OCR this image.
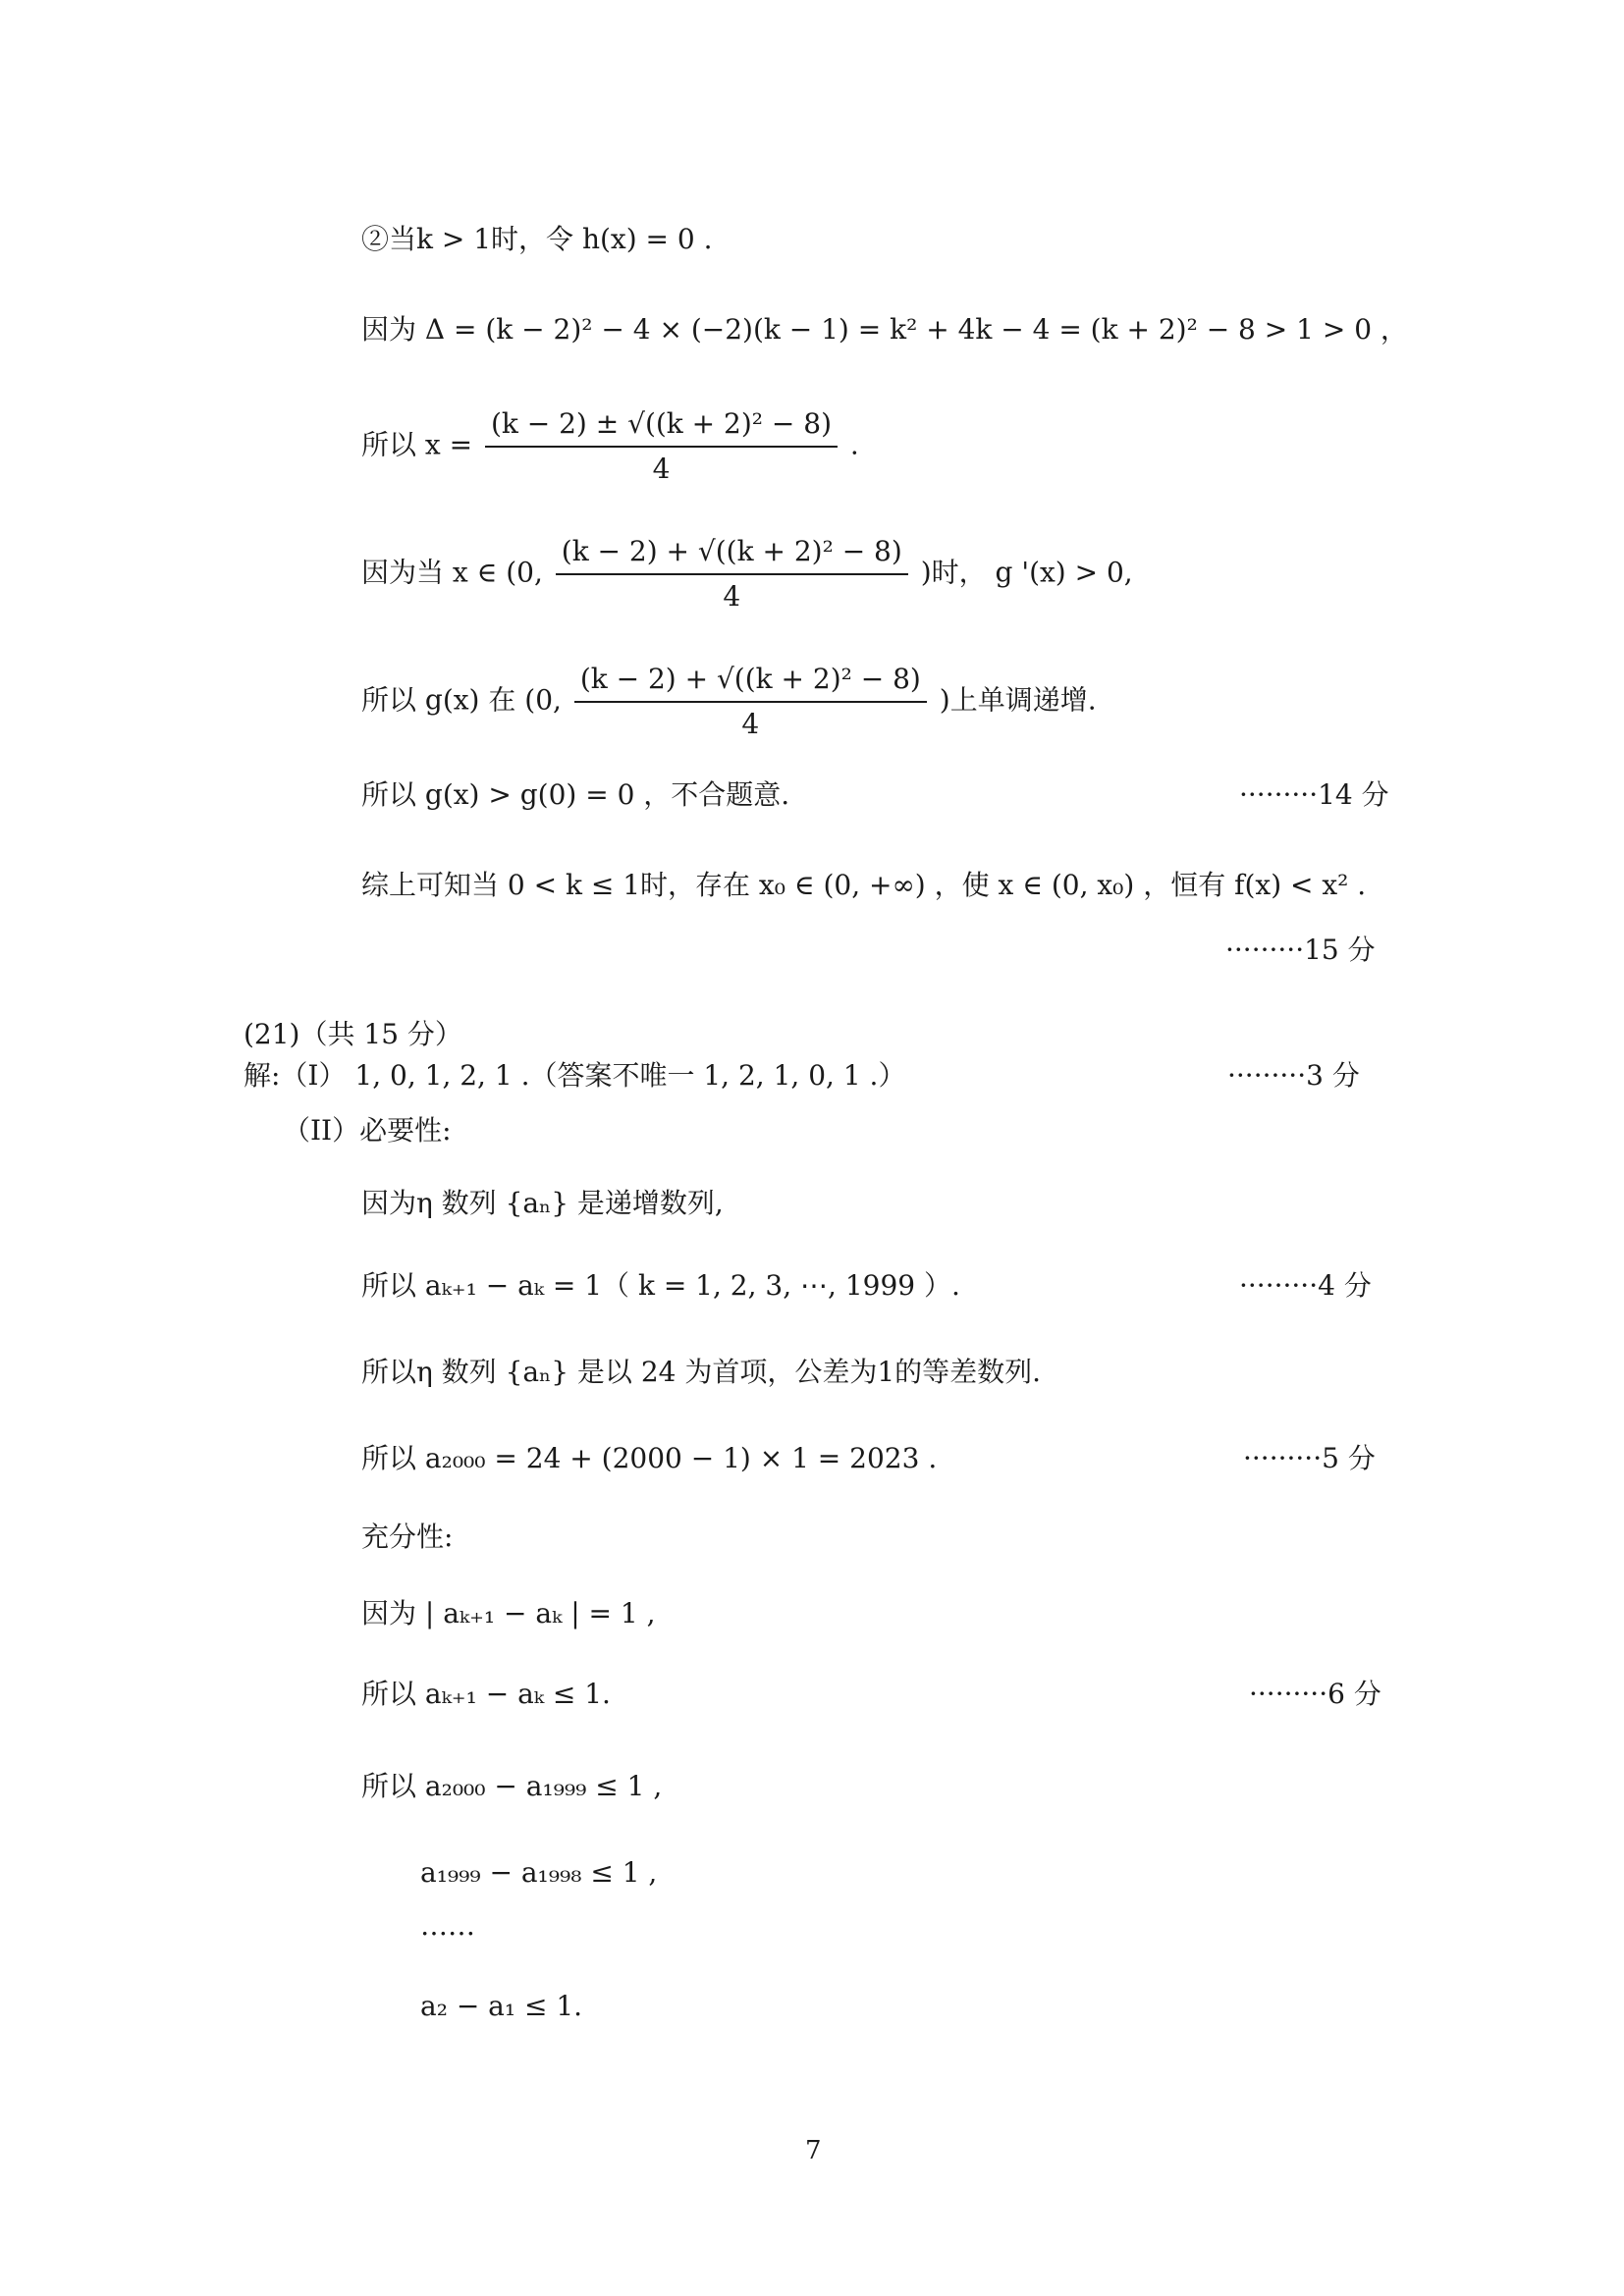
②当k > 1时，令 h(x) = 0 .
因为 Δ = (k − 2)² − 4 × (−2)(k − 1) = k² + 4k − 4 = (k + 2)² − 8 > 1 > 0 ，
所以 $x = \frac{\text{(k − 2) ± √((k + 2)² − 8)}}{4}$ .
因为当 x ∈ (0, $\frac{\text{(k − 2) + √((k + 2)² − 8)}}{4}$ )时， g '(x) > 0,
所以 g(x) 在 (0, $\frac{\text{(k − 2) + √((k + 2)² − 8)}}{4}$ )上单调递增.
所以 g(x) > g(0) = 0 ，不合题意.	·········14 分
综上可知当 0 < k ≤ 1时，存在 x₀ ∈ (0, +∞) ，使 x ∈ (0, x₀) ，恒有 f(x) < x² .
·········15 分
(21)（共 15 分）
解:（I） 1, 0, 1, 2, 1 .（答案不唯一 1, 2, 1, 0, 1 .）	·········3 分
（II）必要性:
因为η 数列 {aₙ} 是递增数列,
所以 aₖ₊₁ − aₖ = 1（ k = 1, 2, 3, ⋯, 1999 ）.	·········4 分
所以η 数列 {aₙ} 是以 24 为首项，公差为1的等差数列.
所以 a₂₀₀₀ = 24 + (2000 − 1) × 1 = 2023 .	·········5 分
充分性:
因为 | aₖ₊₁ − aₖ | = 1 ,
所以 aₖ₊₁ − aₖ ≤ 1.	·········6 分
所以 a₂₀₀₀ − a₁₉₉₉ ≤ 1 ,
a₁₉₉₉ − a₁₉₉₈ ≤ 1 ,
……
a₂ − a₁ ≤ 1.
7
